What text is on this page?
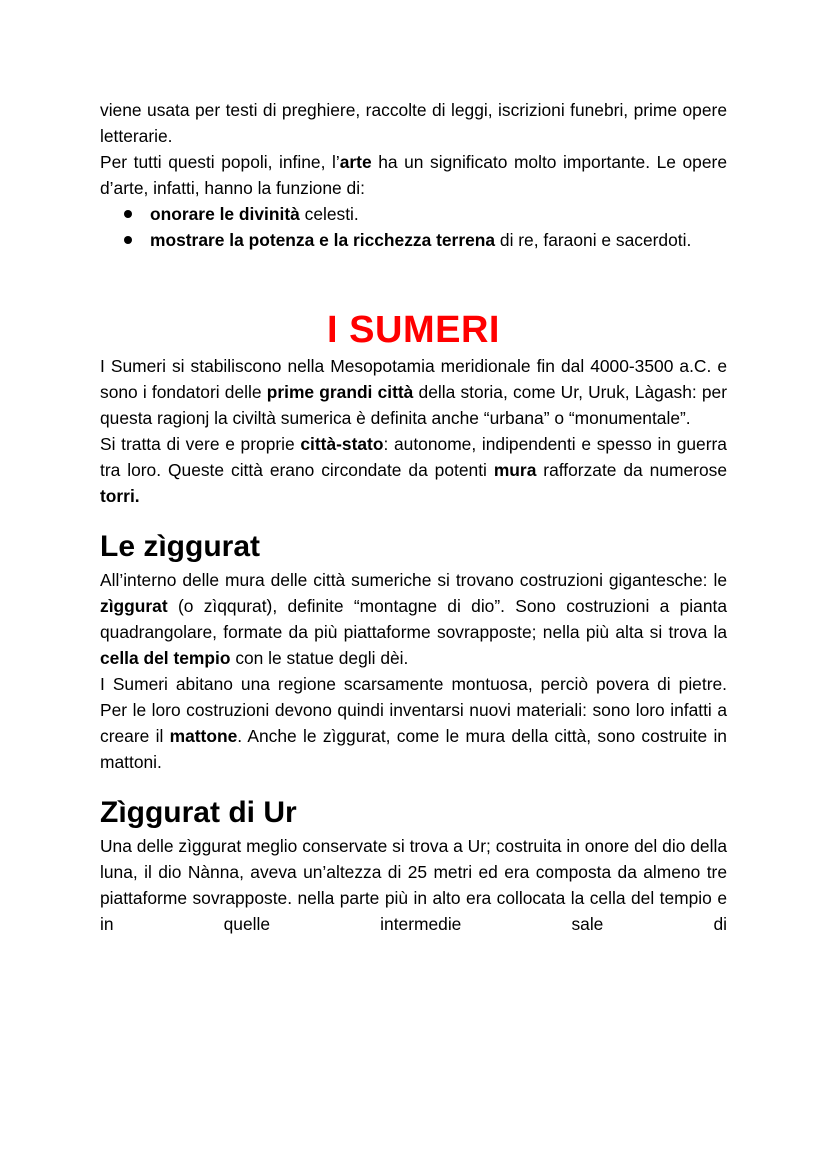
viene usata per testi di preghiere, raccolte di leggi, iscrizioni funebri, prime opere letterarie.

Per tutti questi popoli, infine, l’arte ha un significato molto importante. Le opere d’arte, infatti, hanno la funzione di:

onorare le divinità celesti.
mostrare la potenza e la ricchezza terrena di re, faraoni e sacerdoti.
I SUMERI

I Sumeri si stabiliscono nella Mesopotamia meridionale fin dal 4000-3500 a.C. e sono i fondatori delle prime grandi città della storia, come Ur, Uruk, Làgash: per questa ragionj la civiltà sumerica è definita anche “urbana” o “monumentale”.

Si tratta di vere e proprie città-stato: autonome, indipendenti e spesso in guerra tra loro. Queste città erano circondate da potenti mura rafforzate da numerose torri.

Le zìggurat

All’interno delle mura delle città sumeriche si trovano costruzioni gigantesche: le zìggurat (o zìqqurat), definite “montagne di dio”. Sono costruzioni a pianta quadrangolare, formate da più piattaforme sovrapposte; nella più alta si trova la cella del tempio con le statue degli dèi.

I Sumeri abitano una regione scarsamente montuosa, perciò povera di pietre. Per le loro costruzioni devono quindi inventarsi nuovi materiali: sono loro infatti a creare il mattone. Anche le zìggurat, come le mura della città, sono costruite in mattoni.

Zìggurat di Ur

Una delle zìggurat meglio conservate si trova a Ur; costruita in onore del dio della luna, il dio Nànna, aveva un’altezza di 25 metri ed era composta da almeno tre piattaforme sovrapposte. nella parte più in alto era collocata la cella del tempio e in quelle intermedie sale di
